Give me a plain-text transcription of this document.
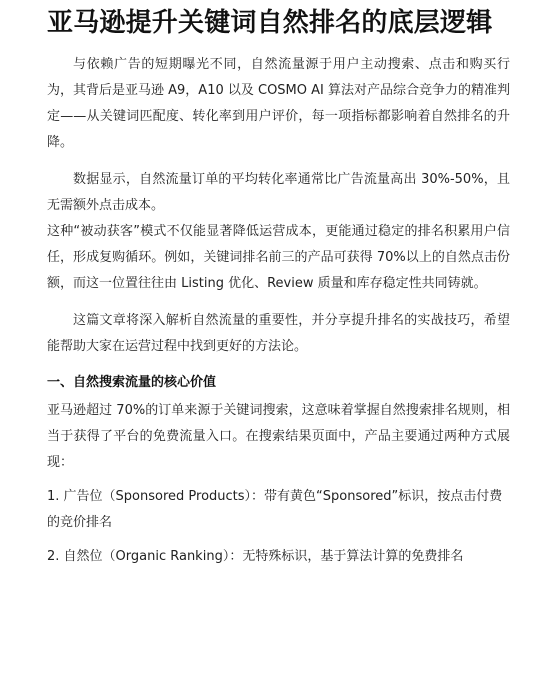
亚马逊提升关键词自然排名的底层逻辑

与依赖广告的短期曝光不同，自然流量源于用户主动搜索、点击和购买行为，其背后是亚马逊 A9，A10 以及 COSMO AI 算法对产品综合竞争力的精准判定——从关键词匹配度、转化率到用户评价，每一项指标都影响着自然排名的升降。

数据显示，自然流量订单的平均转化率通常比广告流量高出 30%-50%，且无需额外点击成本。

这种“被动获客”模式不仅能显著降低运营成本，更能通过稳定的排名积累用户信任，形成复购循环。例如，关键词排名前三的产品可获得 70%以上的自然点击份额，而这一位置往往由 Listing 优化、Review 质量和库存稳定性共同铸就。

这篇文章将深入解析自然流量的重要性，并分享提升排名的实战技巧，希望能帮助大家在运营过程中找到更好的方法论。

一、自然搜索流量的核心价值

亚马逊超过 70%的订单来源于关键词搜索，这意味着掌握自然搜索排名规则，相当于获得了平台的免费流量入口。在搜索结果页面中，产品主要通过两种方式展现：

1. 广告位（Sponsored Products）：带有黄色“Sponsored”标识，按点击付费的竞价排名

2. 自然位（Organic Ranking）：无特殊标识，基于算法计算的免费排名
